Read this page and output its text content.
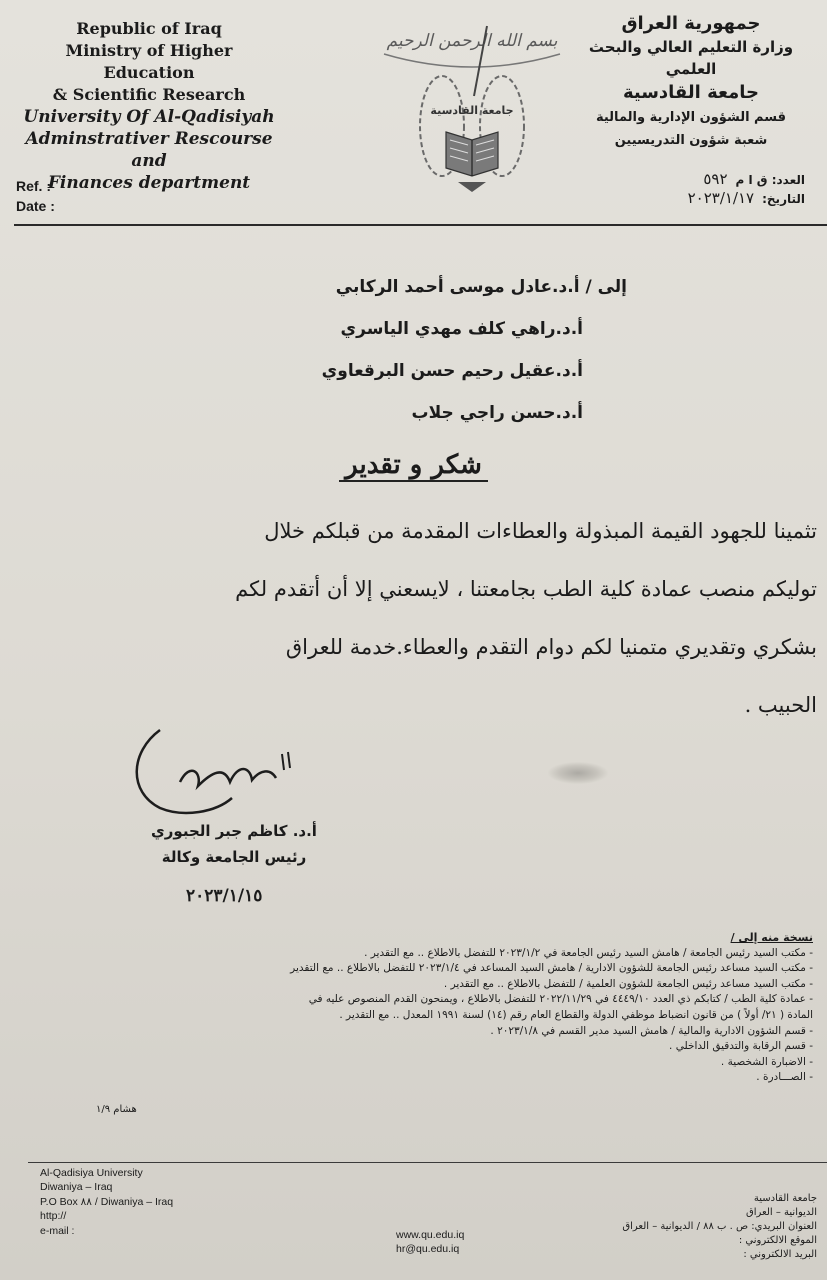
Republic of Iraq
Ministry of Higher Education
& Scientific Research
University Of Al-Qadisiyah
Adminstrativer Rescourse and
Finances department
Ref. :
Date :
بسم الله الرحمن الرحيم
جامعة القادسية
جمهورية العراق
وزارة التعليم العالي والبحث العلمي
جامعة القادسية
قسم الشؤون الإدارية والمالية
شعبة شؤون التدريسيين
العدد: ق ا م٥٩٢
التاريخ:٢٠٢٣/١/١٧
إلى / أ.د.عادل موسى أحمد الركابي
أ.د.راهي كلف مهدي الياسري
أ.د.عقيل رحيم حسن البرقعاوي
أ.د.حسن راجي جلاب
شكر و تقدير
تثمينا للجهود القيمة المبذولة والعطاءات المقدمة من قبلكم خلال
توليكم منصب عمادة كلية الطب بجامعتنا ، لايسعني إلا أن أتقدم لكم
بشكري وتقديري متمنيا لكم دوام التقدم والعطاء.خدمة للعراق
الحبيب .
أ.د. كاظم جبر الجبوري
رئيس الجامعة وكالة
٢٠٢٣/١/١٥
نسخة منه إلى /
- مكتب السيد رئيس الجامعة / هامش السيد رئيس الجامعة في ٢٠٢٣/١/٢ للتفضل بالاطلاع .. مع التقدير .
- مكتب السيد مساعد رئيس الجامعة للشؤون الادارية / هامش السيد المساعد في ٢٠٢٣/١/٤ للتفضل بالاطلاع .. مع التقدير
- مكتب السيد مساعد رئيس الجامعة للشؤون العلمية / للتفضل بالاطلاع .. مع التقدير .
- عمادة كلية الطب / كتابكم ذي العدد ٤٤٤٩/١٠ في ٢٠٢٢/١١/٢٩ للتفضل بالاطلاع ، ويمنحون القدم المنصوص عليه في
المادة ( ٢١/ أولاً ) من قانون انضباط موظفي الدولة والقطاع العام رقم (١٤) لسنة ١٩٩١ المعدل .. مع التقدير .
- قسم الشؤون الادارية والمالية / هامش السيد مدير القسم في ٢٠٢٣/١/٨ .
- قسم الرقابة والتدقيق الداخلي .
- الاضبارة الشخصية .
- الصـــادرة .
هشام ١/٩
Al-Qadisiya University
Diwaniya – Iraq
P.O Box ٨٨ / Diwaniya – Iraq
http://
e-mail :	www.qu.edu.iq
hr@qu.edu.iq
جامعة القادسية
الديوانية – العراق
العنوان البريدي: ص . ب ٨٨ / الديوانية – العراق
الموقع الالكتروني :
البريد الالكتروني :
